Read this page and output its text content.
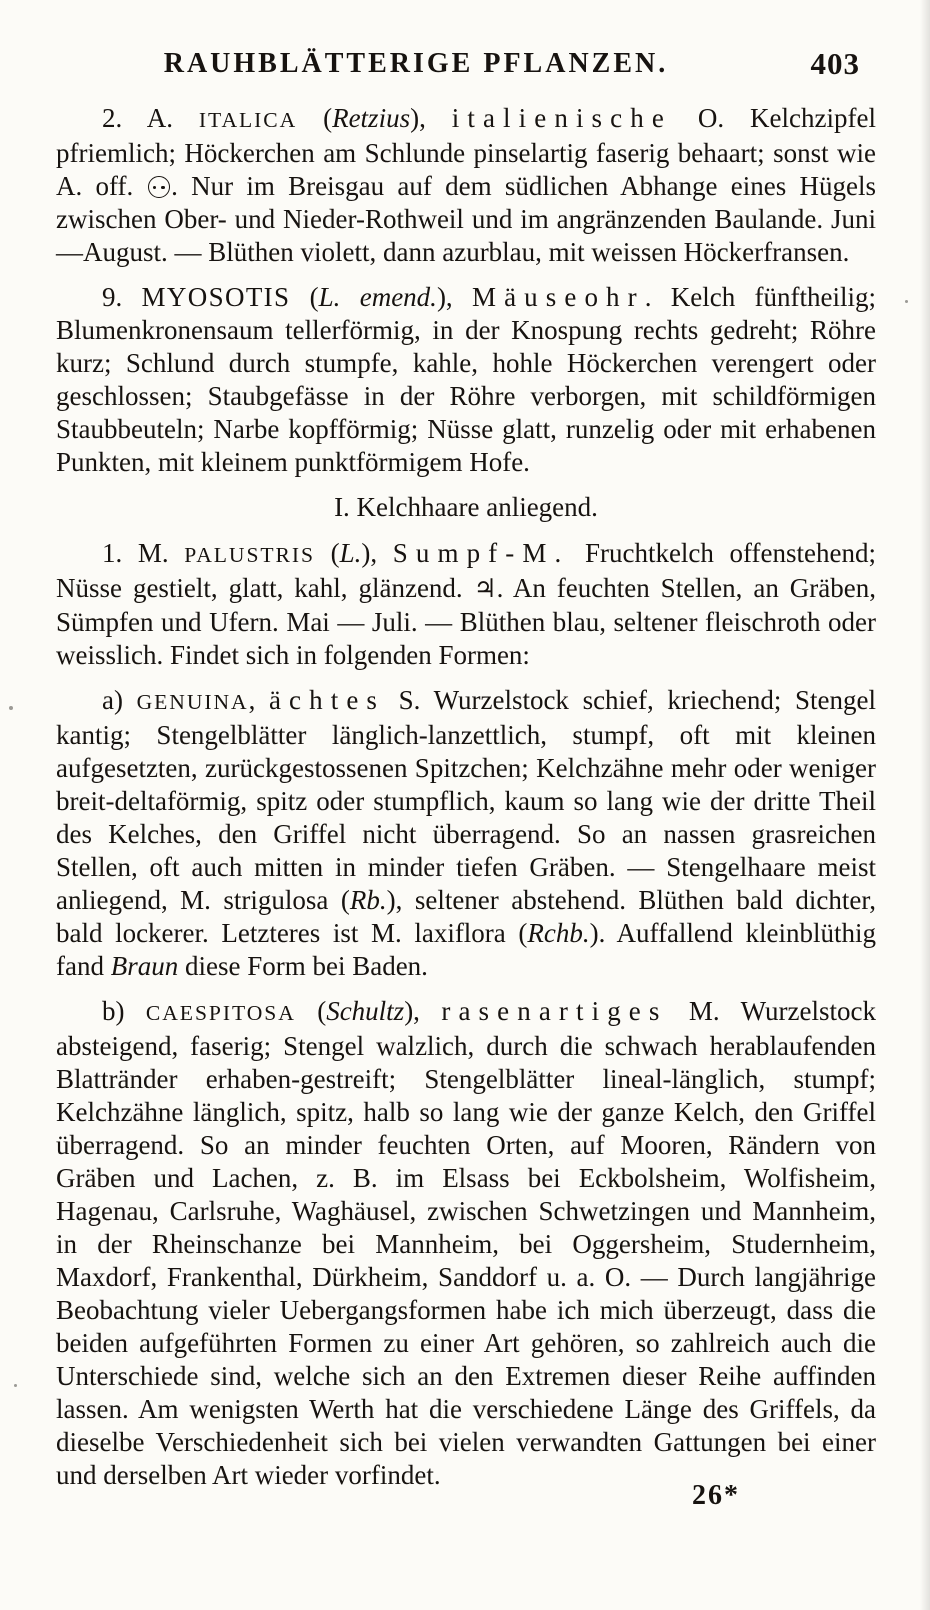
RAUHBLÄTTERIGE PFLANZEN.	403

2. A. ITALICA (Retzius), italienische O. Kelchzipfel pfriemlich; Höckerchen am Schlunde pinselartig faserig behaart; sonst wie A. off. . Nur im Breisgau auf dem südlichen Abhange eines Hügels zwischen Ober- und Nieder-Rothweil und im angränzenden Baulande. Juni—August. — Blüthen violett, dann azurblau, mit weissen Höckerfransen.

9. MYOSOTIS (L. emend.), Mäuseohr. Kelch fünftheilig; Blumenkronensaum tellerförmig, in der Knospung rechts gedreht; Röhre kurz; Schlund durch stumpfe, kahle, hohle Höckerchen verengert oder geschlossen; Staubgefässe in der Röhre verborgen, mit schildförmigen Staubbeuteln; Narbe kopfförmig; Nüsse glatt, runzelig oder mit erhabenen Punkten, mit kleinem punktförmigem Hofe.

I. Kelchhaare anliegend.

1. M. PALUSTRIS (L.), Sumpf-M. Fruchtkelch offenstehend; Nüsse gestielt, glatt, kahl, glänzend. ♃. An feuchten Stellen, an Gräben, Sümpfen und Ufern. Mai — Juli. — Blüthen blau, seltener fleischroth oder weisslich. Findet sich in folgenden Formen:

a) GENUINA, ächtes S. Wurzelstock schief, kriechend; Stengel kantig; Stengelblätter länglich-lanzettlich, stumpf, oft mit kleinen aufgesetzten, zurückgestossenen Spitzchen; Kelchzähne mehr oder weniger breit-deltaförmig, spitz oder stumpflich, kaum so lang wie der dritte Theil des Kelches, den Griffel nicht überragend. So an nassen grasreichen Stellen, oft auch mitten in minder tiefen Gräben. — Stengelhaare meist anliegend, M. strigulosa (Rb.), seltener abstehend. Blüthen bald dichter, bald lockerer. Letzteres ist M. laxiflora (Rchb.). Auffallend kleinblüthig fand Braun diese Form bei Baden.

b) CAESPITOSA (Schultz), rasenartiges M. Wurzelstock absteigend, faserig; Stengel walzlich, durch die schwach herablaufenden Blattränder erhaben-gestreift; Stengelblätter lineal-länglich, stumpf; Kelchzähne länglich, spitz, halb so lang wie der ganze Kelch, den Griffel überragend. So an minder feuchten Orten, auf Mooren, Rändern von Gräben und Lachen, z. B. im Elsass bei Eckbolsheim, Wolfisheim, Hagenau, Carlsruhe, Waghäusel, zwischen Schwetzingen und Mannheim, in der Rheinschanze bei Mannheim, bei Oggersheim, Studernheim, Maxdorf, Frankenthal, Dürkheim, Sanddorf u. a. O. — Durch langjährige Beobachtung vieler Uebergangsformen habe ich mich überzeugt, dass die beiden aufgeführten Formen zu einer Art gehören, so zahlreich auch die Unterschiede sind, welche sich an den Extremen dieser Reihe auffinden lassen. Am wenigsten Werth hat die verschiedene Länge des Griffels, da dieselbe Verschiedenheit sich bei vielen verwandten Gattungen bei einer und derselben Art wieder vorfindet.

26*
